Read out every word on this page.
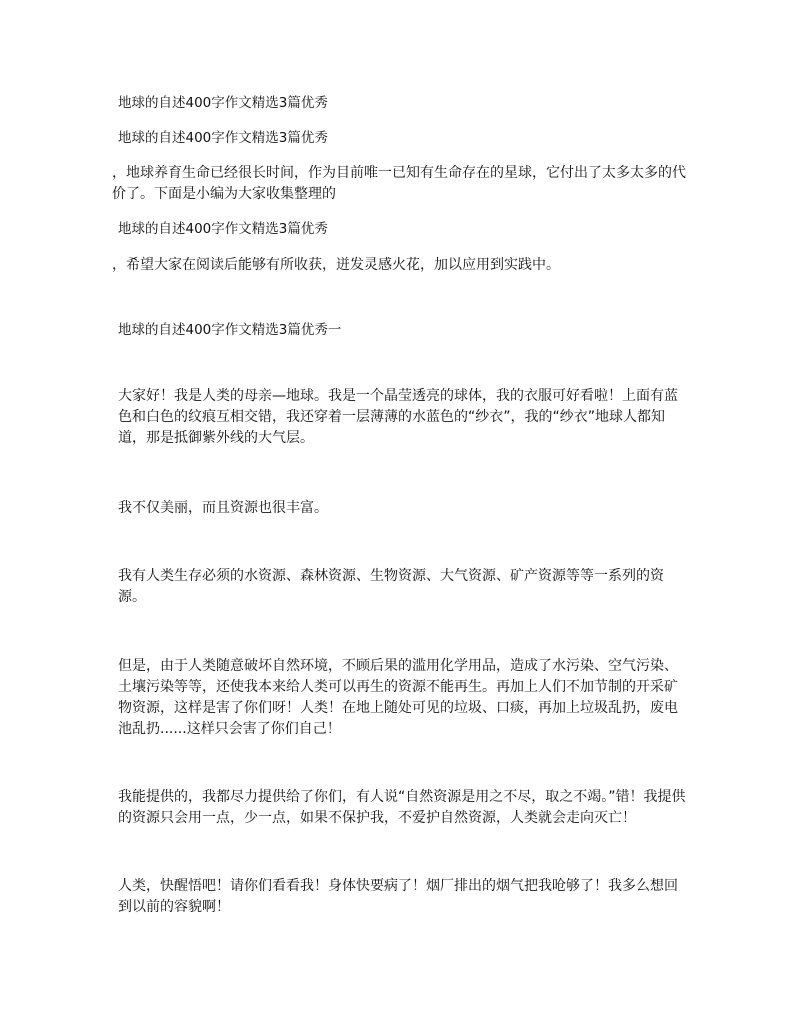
地球的自述400字作文精选3篇优秀

地球的自述400字作文精选3篇优秀

，地球养育生命已经很长时间，作为目前唯一已知有生命存在的星球，它付出了太多太多的代价了。下面是小编为大家收集整理的

地球的自述400字作文精选3篇优秀

，希望大家在阅读后能够有所收获，迸发灵感火花，加以应用到实践中。

地球的自述400字作文精选3篇优秀一

大家好！我是人类的母亲—地球。我是一个晶莹透亮的球体，我的衣服可好看啦！上面有蓝色和白色的纹痕互相交错，我还穿着一层薄薄的水蓝色的“纱衣”，我的“纱衣”地球人都知道，那是抵御紫外线的大气层。

我不仅美丽，而且资源也很丰富。

我有人类生存必须的水资源、森林资源、生物资源、大气资源、矿产资源等等一系列的资源。

但是，由于人类随意破坏自然环境，不顾后果的滥用化学用品，造成了水污染、空气污染、土壤污染等等，还使我本来给人类可以再生的资源不能再生。再加上人们不加节制的开采矿物资源，这样是害了你们呀！人类！在地上随处可见的垃圾、口痰，再加上垃圾乱扔，废电池乱扔......这样只会害了你们自己！

我能提供的，我都尽力提供给了你们，有人说“自然资源是用之不尽，取之不竭。”错！我提供的资源只会用一点，少一点，如果不保护我，不爱护自然资源，人类就会走向灭亡！

人类，快醒悟吧！请你们看看我！身体快要病了！烟厂排出的烟气把我呛够了！我多么想回到以前的容貌啊！
